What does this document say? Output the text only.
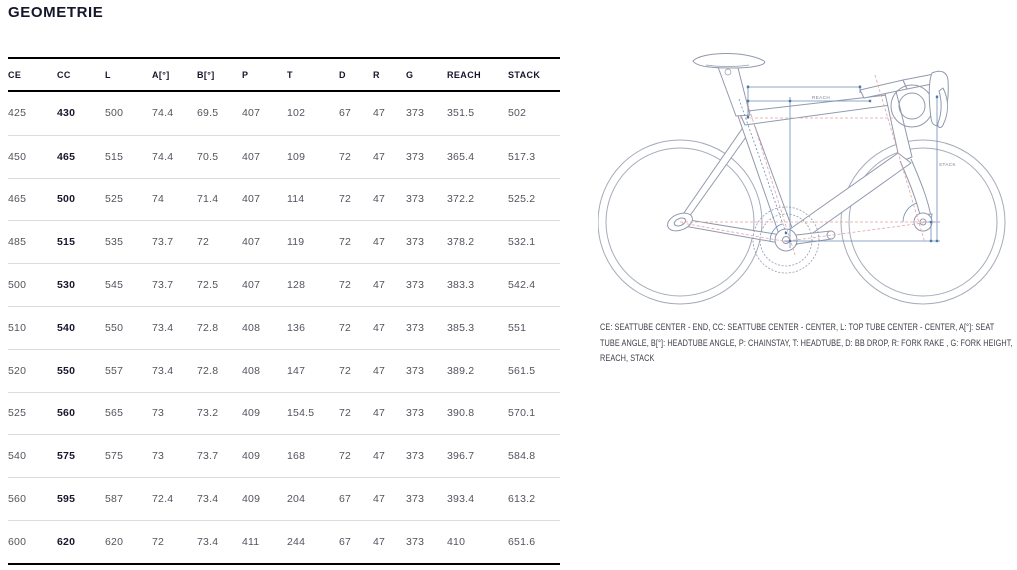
GEOMETRIE
CE	CC	L	A[°]	B[°]	P	T	D	R	G	REACH	STACK
425	430	500	74.4	69.5	407	102	67	47	373	351.5	502
450	465	515	74.4	70.5	407	109	72	47	373	365.4	517.3
465	500	525	74	71.4	407	114	72	47	373	372.2	525.2
485	515	535	73.7	72	407	119	72	47	373	378.2	532.1
500	530	545	73.7	72.5	407	128	72	47	373	383.3	542.4
510	540	550	73.4	72.8	408	136	72	47	373	385.3	551
520	550	557	73.4	72.8	408	147	72	47	373	389.2	561.5
525	560	565	73	73.2	409	154.5	72	47	373	390.8	570.1
540	575	575	73	73.7	409	168	72	47	373	396.7	584.8
560	595	587	72.4	73.4	409	204	67	47	373	393.4	613.2
600	620	620	72	73.4	411	244	67	47	373	410	651.6
REACH
STACK
CE: SEATTUBE CENTER - END, CC: SEATTUBE CENTER - CENTER, L: TOP TUBE CENTER - CENTER, A[°]: SEAT TUBE ANGLE, B[°]: HEADTUBE ANGLE, P: CHAINSTAY, T: HEADTUBE, D: BB DROP, R: FORK RAKE , G: FORK HEIGHT, REACH, STACK
